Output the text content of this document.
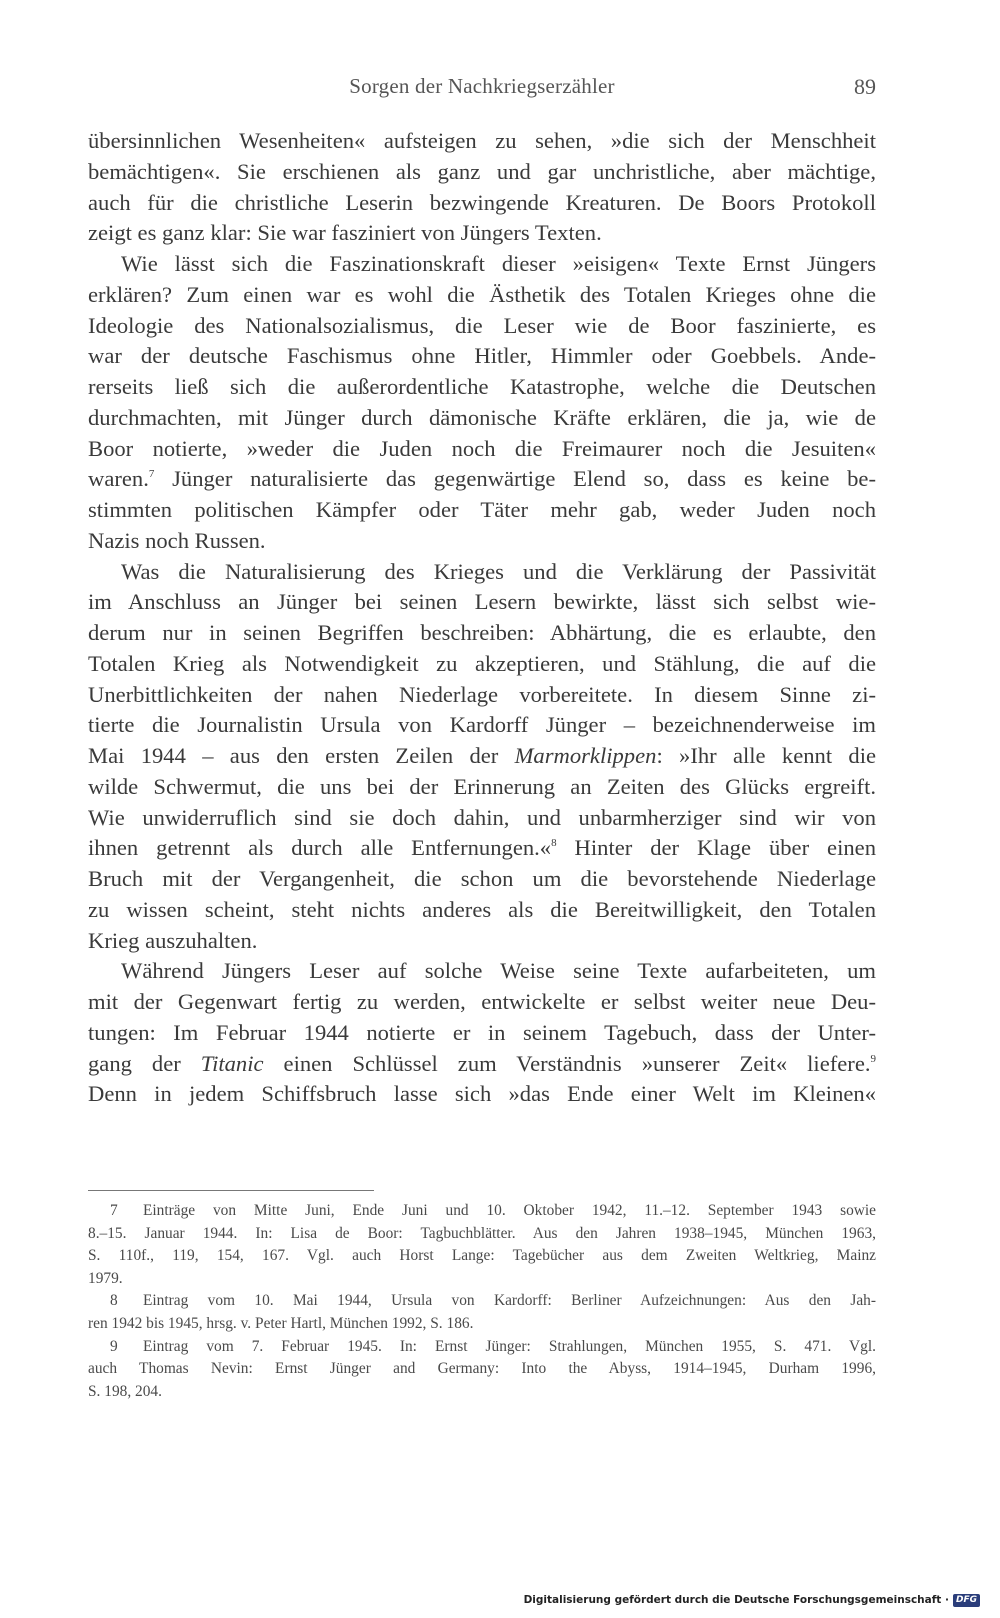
Sorgen der Nachkriegserzähler	89

übersinnlichen Wesenheiten« aufsteigen zu sehen, »die sich der Menschheit
bemächtigen«. Sie erschienen als ganz und gar unchristliche, aber mächtige,
auch für die christliche Leserin bezwingende Kreaturen. De Boors Protokoll
zeigt es ganz klar: Sie war fasziniert von Jüngers Texten.

Wie lässt sich die Faszinationskraft dieser »eisigen« Texte Ernst Jüngers
erklären? Zum einen war es wohl die Ästhetik des Totalen Krieges ohne die
Ideologie des Nationalsozialismus, die Leser wie de Boor faszinierte, es
war der deutsche Faschismus ohne Hitler, Himmler oder Goebbels. Ande-
rerseits ließ sich die außerordentliche Katastrophe, welche die Deutschen
durchmachten, mit Jünger durch dämonische Kräfte erklären, die ja, wie de
Boor notierte, »weder die Juden noch die Freimaurer noch die Jesuiten«
waren.$^7$ Jünger naturalisierte das gegenwärtige Elend so, dass es keine be-
stimmten politischen Kämpfer oder Täter mehr gab, weder Juden noch
Nazis noch Russen.

Was die Naturalisierung des Krieges und die Verklärung der Passivität
im Anschluss an Jünger bei seinen Lesern bewirkte, lässt sich selbst wie-
derum nur in seinen Begriffen beschreiben: Abhärtung, die es erlaubte, den
Totalen Krieg als Notwendigkeit zu akzeptieren, und Stählung, die auf die
Unerbittlichkeiten der nahen Niederlage vorbereitete. In diesem Sinne zi-
tierte die Journalistin Ursula von Kardorff Jünger – bezeichnenderweise im
Mai 1944 – aus den ersten Zeilen der Marmorklippen: »Ihr alle kennt die
wilde Schwermut, die uns bei der Erinnerung an Zeiten des Glücks ergreift.
Wie unwiderruflich sind sie doch dahin, und unbarmherziger sind wir von
ihnen getrennt als durch alle Entfernungen.«$^8$ Hinter der Klage über einen
Bruch mit der Vergangenheit, die schon um die bevorstehende Niederlage
zu wissen scheint, steht nichts anderes als die Bereitwilligkeit, den Totalen
Krieg auszuhalten.

Während Jüngers Leser auf solche Weise seine Texte aufarbeiteten, um
mit der Gegenwart fertig zu werden, entwickelte er selbst weiter neue Deu-
tungen: Im Februar 1944 notierte er in seinem Tagebuch, dass der Unter-
gang der Titanic einen Schlüssel zum Verständnis »unserer Zeit« liefere.$^9$
Denn in jedem Schiffsbruch lasse sich »das Ende einer Welt im Kleinen«

7 Einträge von Mitte Juni, Ende Juni und 10. Oktober 1942, 11.–12. September 1943 sowie
8.–15. Januar 1944. In: Lisa de Boor: Tagbuchblätter. Aus den Jahren 1938–1945, München 1963,
S. 110f., 119, 154, 167. Vgl. auch Horst Lange: Tagebücher aus dem Zweiten Weltkrieg, Mainz
1979.
8 Eintrag vom 10. Mai 1944, Ursula von Kardorff: Berliner Aufzeichnungen: Aus den Jah-
ren 1942 bis 1945, hrsg. v. Peter Hartl, München 1992, S. 186.
9 Eintrag vom 7. Februar 1945. In: Ernst Jünger: Strahlungen, München 1955, S. 471. Vgl.
auch Thomas Nevin: Ernst Jünger and Germany: Into the Abyss, 1914–1945, Durham 1996,
S. 198, 204.
Digitalisierung gefördert durch die Deutsche Forschungsgemeinschaft · DFG
